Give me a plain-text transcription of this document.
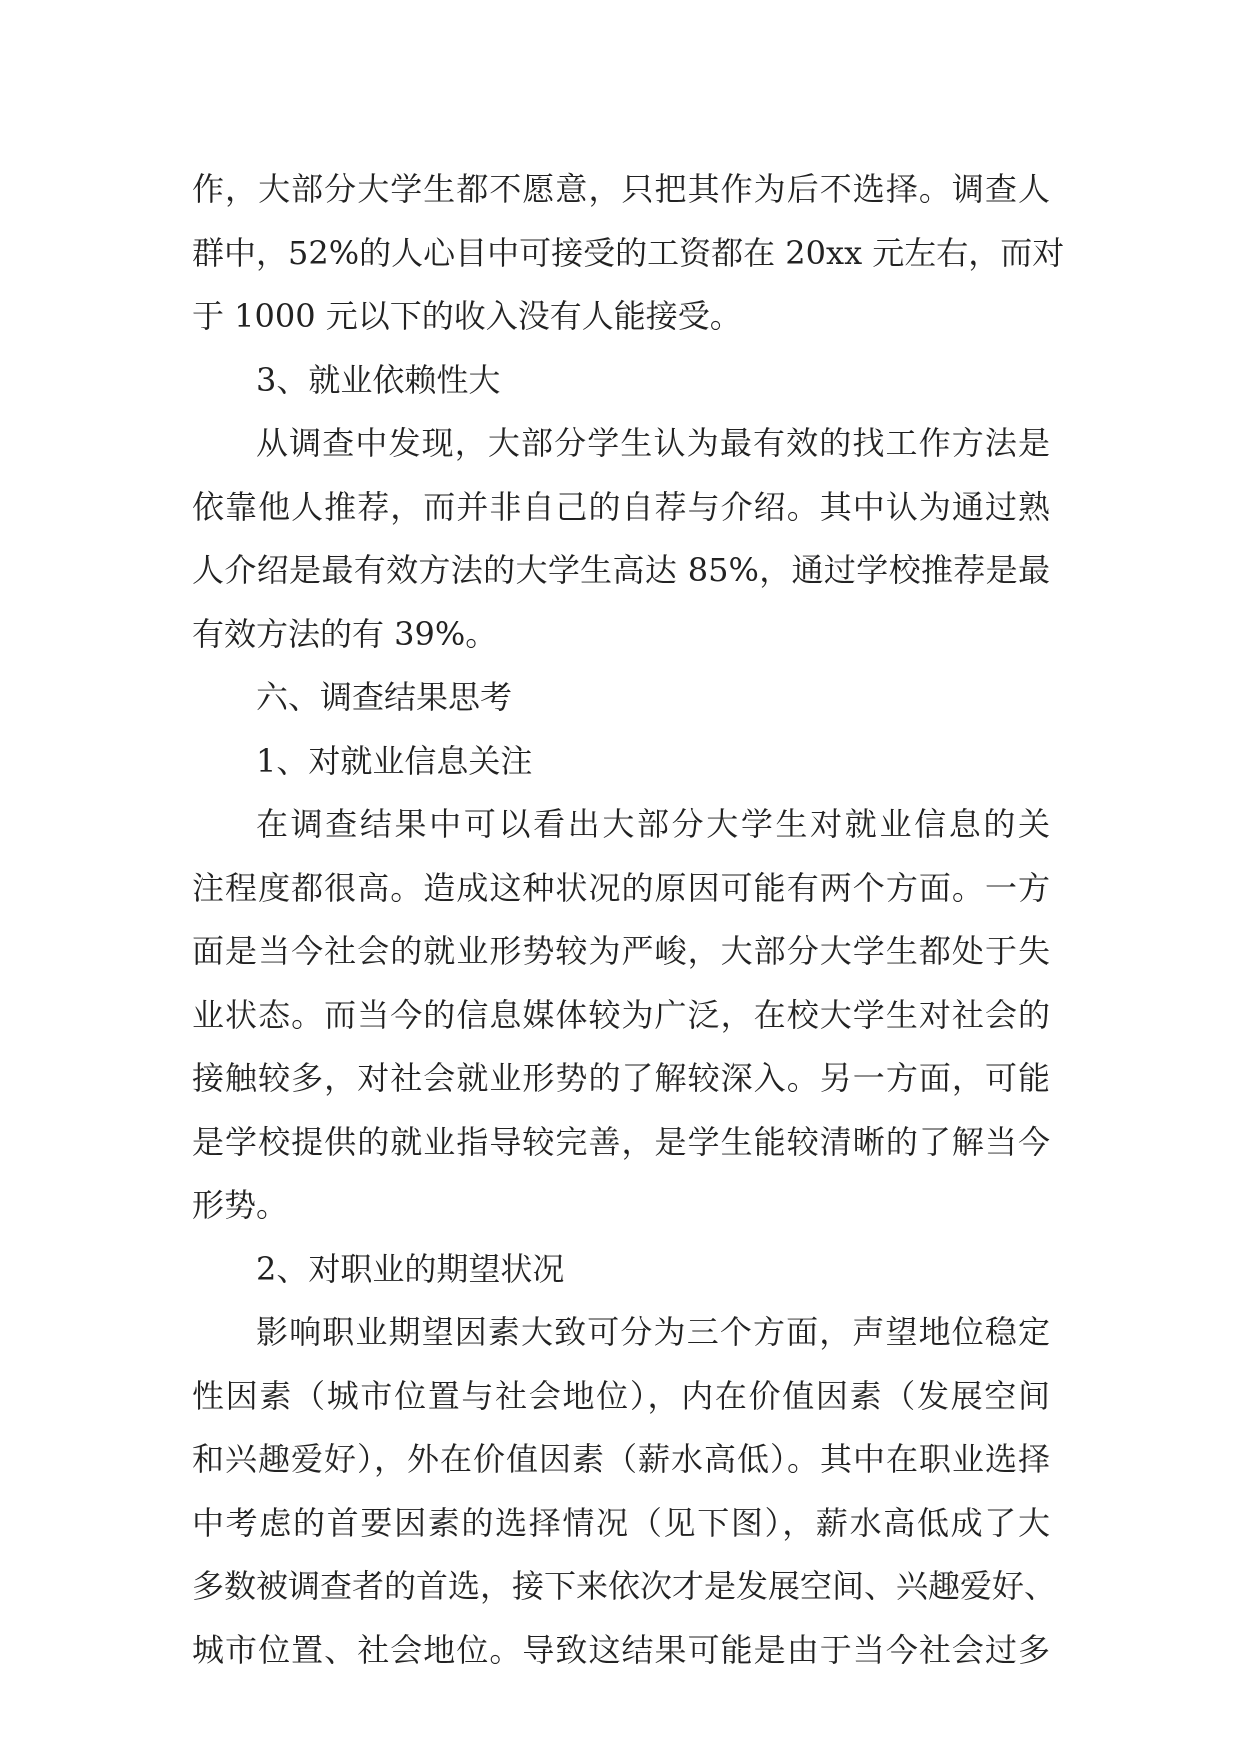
作，大部分大学生都不愿意，只把其作为后不选择。调查人
群中，52%的人心目中可接受的工资都在 20xx 元左右，而对
于 1000 元以下的收入没有人能接受。
3、就业依赖性大
从调查中发现，大部分学生认为最有效的找工作方法是
依靠他人推荐，而并非自己的自荐与介绍。其中认为通过熟
人介绍是最有效方法的大学生高达 85%，通过学校推荐是最
有效方法的有 39%。
六、调查结果思考
1、对就业信息关注
在调查结果中可以看出大部分大学生对就业信息的关
注程度都很高。造成这种状况的原因可能有两个方面。一方
面是当今社会的就业形势较为严峻，大部分大学生都处于失
业状态。而当今的信息媒体较为广泛，在校大学生对社会的
接触较多，对社会就业形势的了解较深入。另一方面，可能
是学校提供的就业指导较完善，是学生能较清晰的了解当今
形势。
2、对职业的期望状况
影响职业期望因素大致可分为三个方面，声望地位稳定
性因素（城市位置与社会地位），内在价值因素（发展空间
和兴趣爱好），外在价值因素（薪水高低）。其中在职业选择
中考虑的首要因素的选择情况（见下图），薪水高低成了大
多数被调查者的首选，接下来依次才是发展空间、兴趣爱好、
城市位置、社会地位。导致这结果可能是由于当今社会过多
